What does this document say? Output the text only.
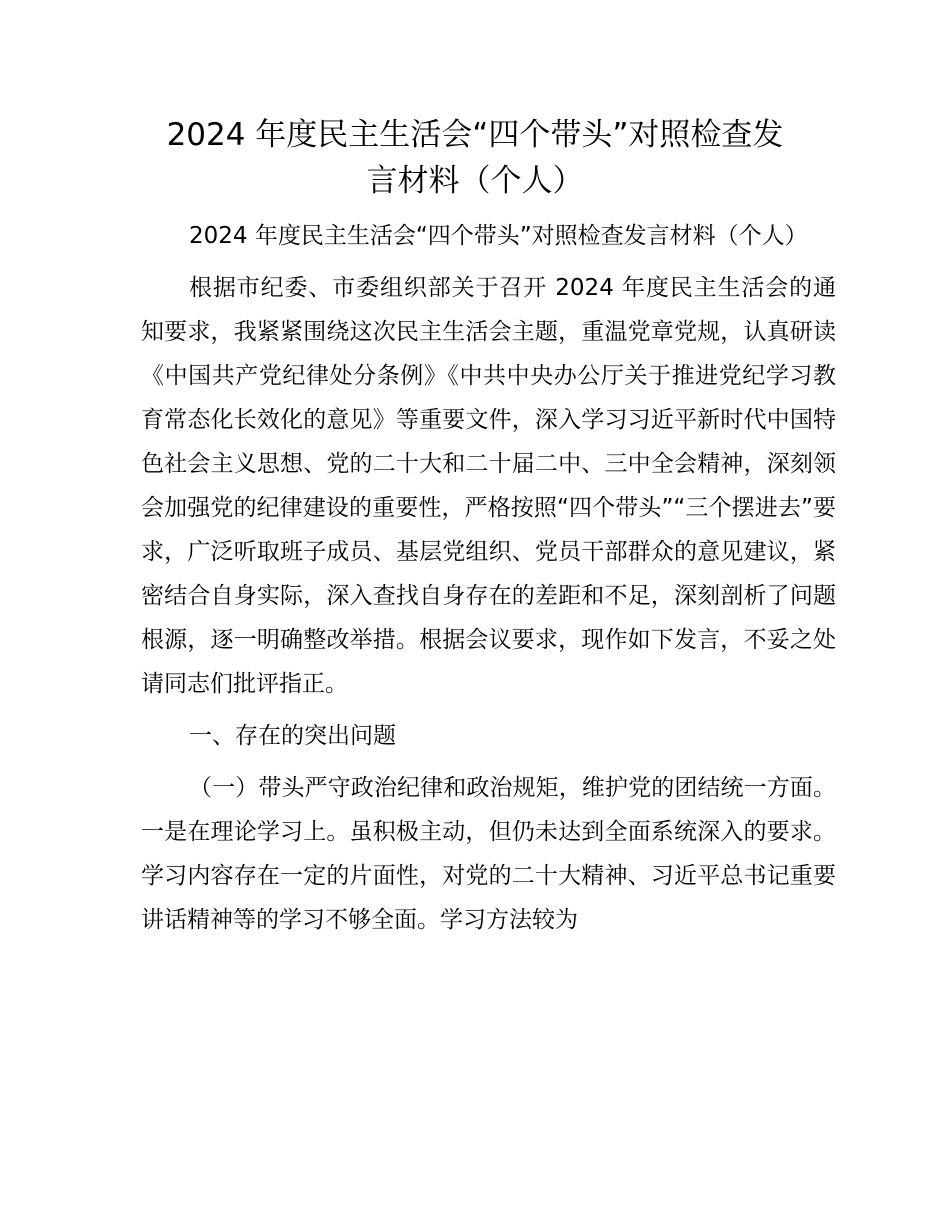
2024 年度民主生活会“四个带头”对照检查发
言材料（个人）

2024 年度民主生活会“四个带头”对照检查发言材料（个人）

根据市纪委、市委组织部关于召开 2024 年度民主生活会的通知要求，我紧紧围绕这次民主生活会主题，重温党章党规，认真研读《中国共产党纪律处分条例》《中共中央办公厅关于推进党纪学习教育常态化长效化的意见》等重要文件，深入学习习近平新时代中国特色社会主义思想、党的二十大和二十届二中、三中全会精神，深刻领会加强党的纪律建设的重要性，严格按照“四个带头”“三个摆进去”要求，广泛听取班子成员、基层党组织、党员干部群众的意见建议，紧密结合自身实际，深入查找自身存在的差距和不足，深刻剖析了问题根源，逐一明确整改举措。根据会议要求，现作如下发言，不妥之处请同志们批评指正。

一、存在的突出问题

（一）带头严守政治纪律和政治规矩，维护党的团结统一方面。一是在理论学习上。虽积极主动，但仍未达到全面系统深入的要求。学习内容存在一定的片面性，对党的二十大精神、习近平总书记重要讲话精神等的学习不够全面。学习方法较为
